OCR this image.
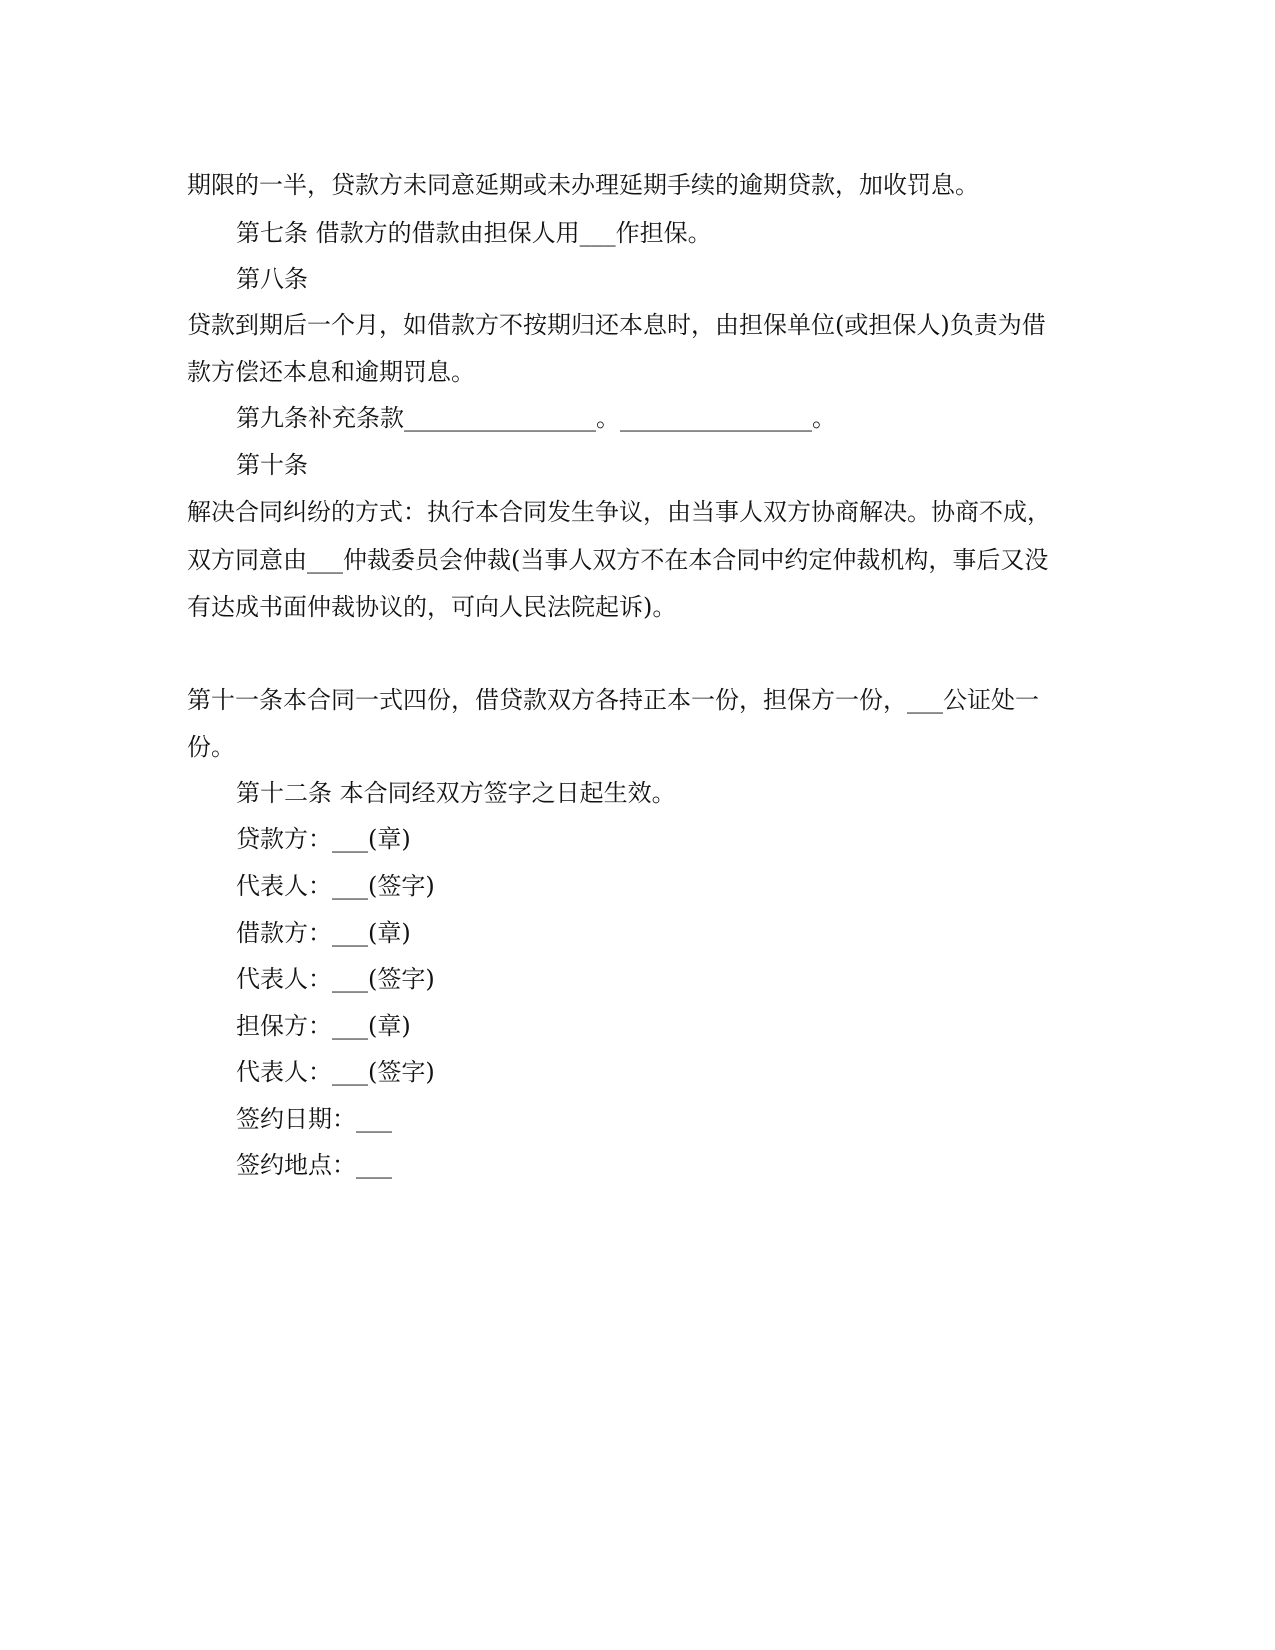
期限的一半，贷款方未同意延期或未办理延期手续的逾期贷款，加收罚息。
第七条 借款方的借款由担保人用___作担保。
第八条
贷款到期后一个月，如借款方不按期归还本息时，由担保单位(或担保人)负责为借
款方偿还本息和逾期罚息。
第九条补充条款________________。________________。
第十条
解决合同纠纷的方式：执行本合同发生争议，由当事人双方协商解决。协商不成，
双方同意由___仲裁委员会仲裁(当事人双方不在本合同中约定仲裁机构，事后又没
有达成书面仲裁协议的，可向人民法院起诉)。
第十一条本合同一式四份，借贷款双方各持正本一份，担保方一份，___公证处一
份。
第十二条 本合同经双方签字之日起生效。
贷款方：___(章)
代表人：___(签字)
借款方：___(章)
代表人：___(签字)
担保方：___(章)
代表人：___(签字)
签约日期：___
签约地点：___
